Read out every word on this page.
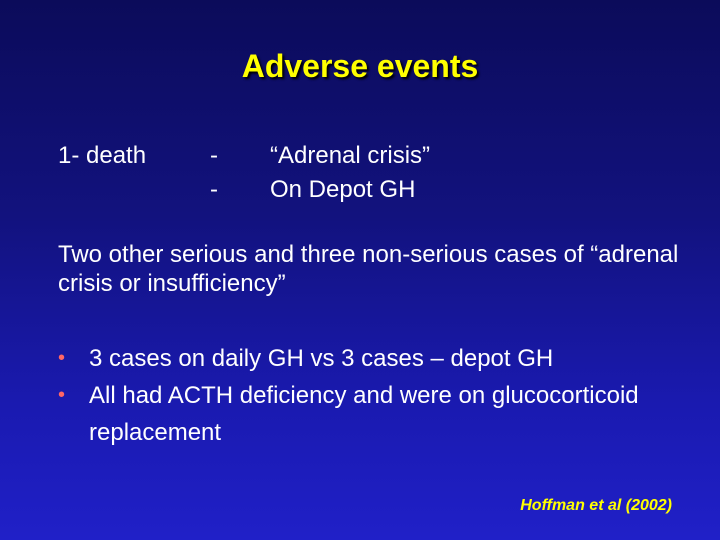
Adverse events
1- death	-
-
“Adrenal crisis”
On Depot GH
Two other serious and three non-serious cases of “adrenal crisis or insufficiency”
• 3 cases on daily GH vs 3 cases – depot GH
• All had ACTH deficiency and were on glucocorticoid replacement
Hoffman et al (2002)
